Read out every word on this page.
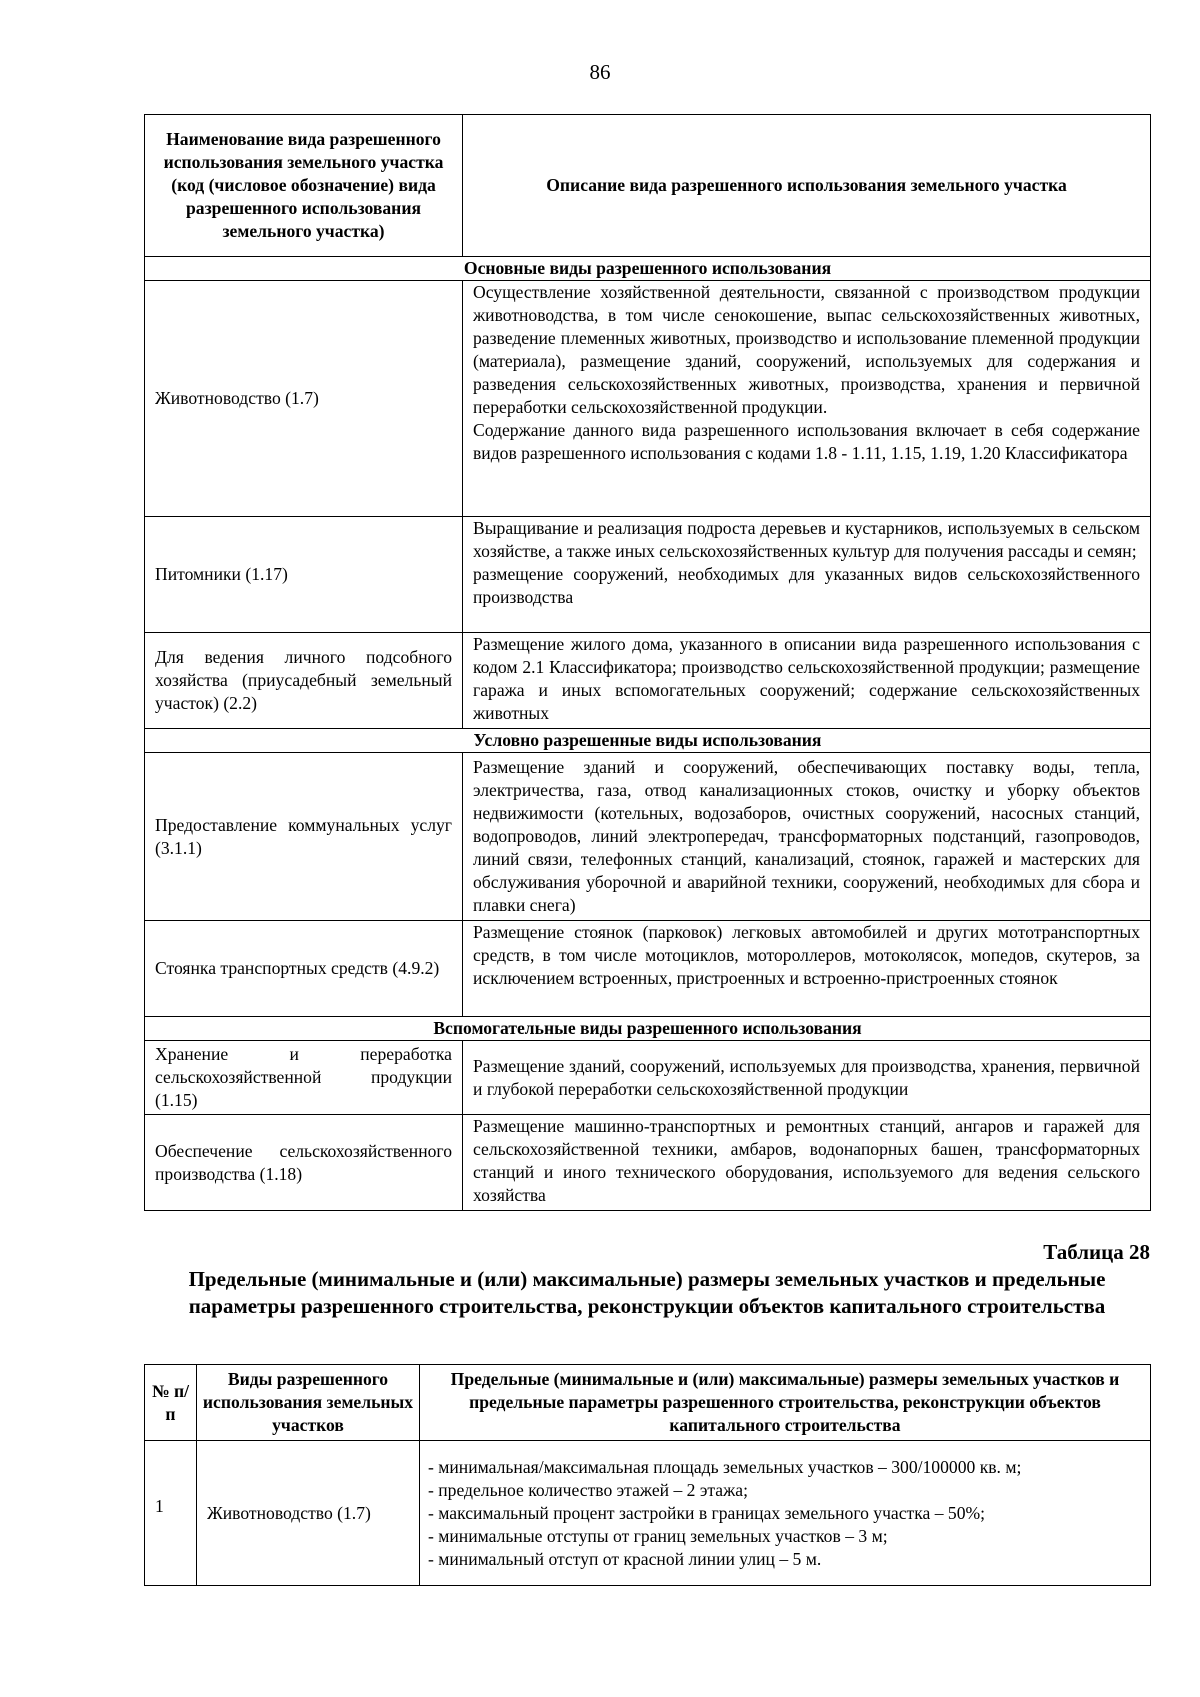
86
Наименование вида разрешенного использования земельного участка (код (числовое обозначение) вида разрешенного использования земельного участка)	Описание вида разрешенного использования земельного участка
Основные виды разрешенного использования	
Животноводство (1.7)	Осуществление хозяйственной деятельности, связанной с производством продукции животноводства, в том числе сенокошение, выпас сельскохозяйственных животных, разведение племенных животных, производство и использование племенной продукции (материала), размещение зданий, сооружений, используемых для содержания и разведения сельскохозяйственных животных, производства, хранения и первичной переработки сельскохозяйственной продукции.

Содержание данного вида разрешенного использования включает в себя содержание видов разрешенного использования с кодами 1.8 - 1.11, 1.15, 1.19, 1.20 Классификатора

Питомники (1.17)	Выращивание и реализация подроста деревьев и кустарников, используемых в сельском хозяйстве, а также иных сельскохозяйственных культур для получения рассады и семян;

размещение сооружений, необходимых для указанных видов сельскохозяйственного производства

Для ведения личного подсобного хозяйства (приусадебный земельный участок) (2.2)	Размещение жилого дома, указанного в описании вида разрешенного использования с кодом 2.1 Классификатора; производство сельскохозяйственной продукции; размещение гаража и иных вспомогательных сооружений; содержание сельскохозяйственных животных

Условно разрешенные виды использования	
Предоставление коммунальных услуг (3.1.1)	Размещение зданий и сооружений, обеспечивающих поставку воды, тепла, электричества, газа, отвод канализационных стоков, очистку и уборку объектов недвижимости (котельных, водозаборов, очистных сооружений, насосных станций, водопроводов, линий электропередач, трансформаторных подстанций, газопроводов, линий связи, телефонных станций, канализаций, стоянок, гаражей и мастерских для обслуживания уборочной и аварийной техники, сооружений, необходимых для сбора и плавки снега)

Стоянка транспортных средств (4.9.2)	Размещение стоянок (парковок) легковых автомобилей и других мототранспортных средств, в том числе мотоциклов, мотороллеров, мотоколясок, мопедов, скутеров, за исключением встроенных, пристроенных и встроенно-пристроенных стоянок

Вспомогательные виды разрешенного использования	
Хранение и переработка сельскохозяйственной продукции (1.15)	Размещение зданий, сооружений, используемых для производства, хранения, первичной и глубокой переработки сельскохозяйственной продукции

Обеспечение сельскохозяйственного производства (1.18)	Размещение машинно-транспортных и ремонтных станций, ангаров и гаражей для сельскохозяйственной техники, амбаров, водонапорных башен, трансформаторных станций и иного технического оборудования, используемого для ведения сельского хозяйства

Таблица 28
Предельные (минимальные и (или) максимальные) размеры земельных участков и предельные параметры разрешенного строительства, реконструкции объектов капитального строительства
№ п/п	Виды разрешенного использования земельных участков	Предельные (минимальные и (или) максимальные) размеры земельных участков и предельные параметры разрешенного строительства, реконструкции объектов капитального строительства
1	Животноводство (1.7)	- минимальная/максимальная площадь земельных участков – 300/100000 кв. м;
- предельное количество этажей – 2 этажа;
- максимальный процент застройки в границах земельного участка – 50%;
- минимальные отступы от границ земельных участков – 3 м;
- минимальный отступ от красной линии улиц – 5 м.
